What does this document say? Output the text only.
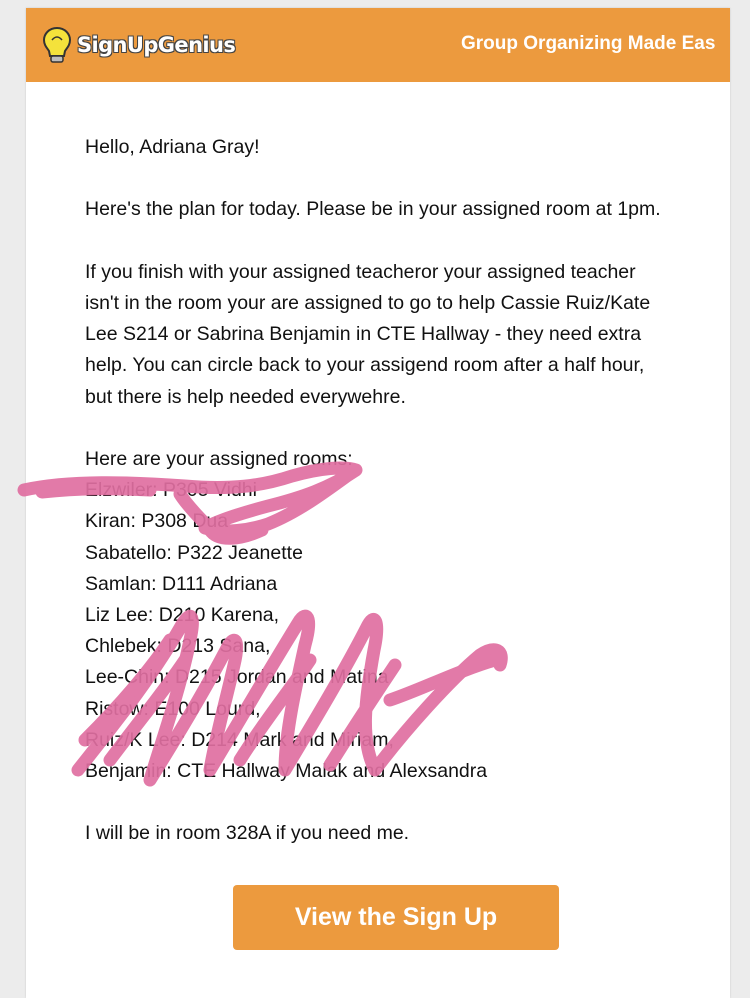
SignUpGenius	Group Organizing Made Eas

Hello, Adriana Gray!

Here's the plan for today. Please be in your assigned room at 1pm.

If you finish with your assigned teacheror your assigned teacher

isn't in the room your are assigned to go to help Cassie Ruiz/Kate

Lee S214 or Sabrina Benjamin in CTE Hallway - they need extra

help. You can circle back to your assigend room after a half hour,

but there is help needed everywehre.

Here are your assigned rooms:

Elzwiler: P305 Vidhi

Kiran: P308 Dua

Sabatello: P322 Jeanette

Samlan: D111 Adriana

Liz Lee: D210 Karena,

Chlebek: D213 Sana,

Lee-Chin: D215 Jordan and Matina

Ristow: E100 Lourd,

Ruiz/K Lee: D214 Mark and Miriam,

Benjamin: CTE Hallway Malak and Alexsandra

I will be in room 328A if you need me.

View the Sign Up
